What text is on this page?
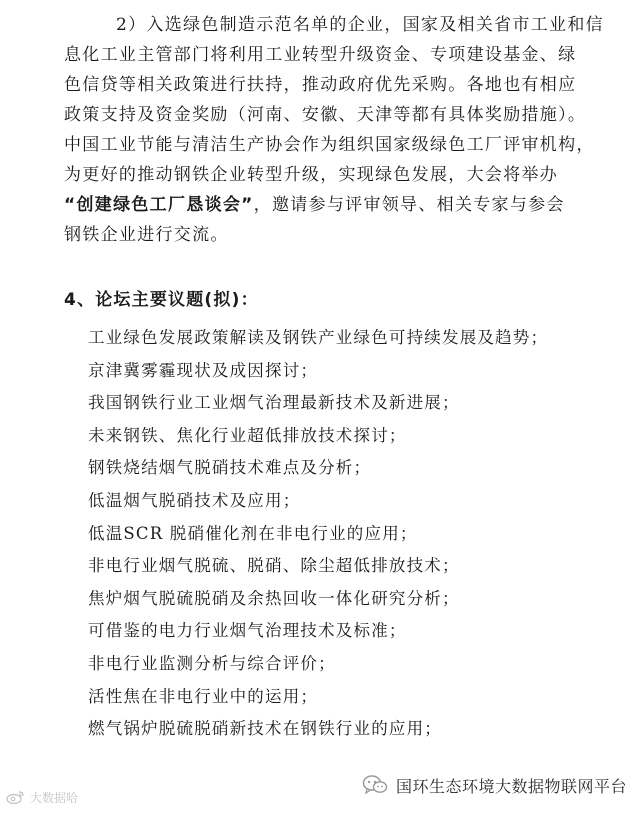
2）入选绿色制造示范名单的企业，国家及相关省市工业和信
息化工业主管部门将利用工业转型升级资金、专项建设基金、绿
色信贷等相关政策进行扶持，推动政府优先采购。各地也有相应
政策支持及资金奖励（河南、安徽、天津等都有具体奖励措施）。
中国工业节能与清洁生产协会作为组织国家级绿色工厂评审机构，
为更好的推动钢铁企业转型升级，实现绿色发展，大会将举办
“创建绿色工厂恳谈会”，邀请参与评审领导、相关专家与参会
钢铁企业进行交流。
4、论坛主要议题(拟)：
工业绿色发展政策解读及钢铁产业绿色可持续发展及趋势；
京津冀雾霾现状及成因探讨；
我国钢铁行业工业烟气治理最新技术及新进展；
未来钢铁、焦化行业超低排放技术探讨；
钢铁烧结烟气脱硝技术难点及分析；
低温烟气脱硝技术及应用；
低温SCR 脱硝催化剂在非电行业的应用；
非电行业烟气脱硫、脱硝、除尘超低排放技术；
焦炉烟气脱硫脱硝及余热回收一体化研究分析；
可借鉴的电力行业烟气治理技术及标准；
非电行业监测分析与综合评价；
活性焦在非电行业中的运用；
燃气锅炉脱硫脱硝新技术在钢铁行业的应用；
大数据哈
国环生态环境大数据物联网平台
